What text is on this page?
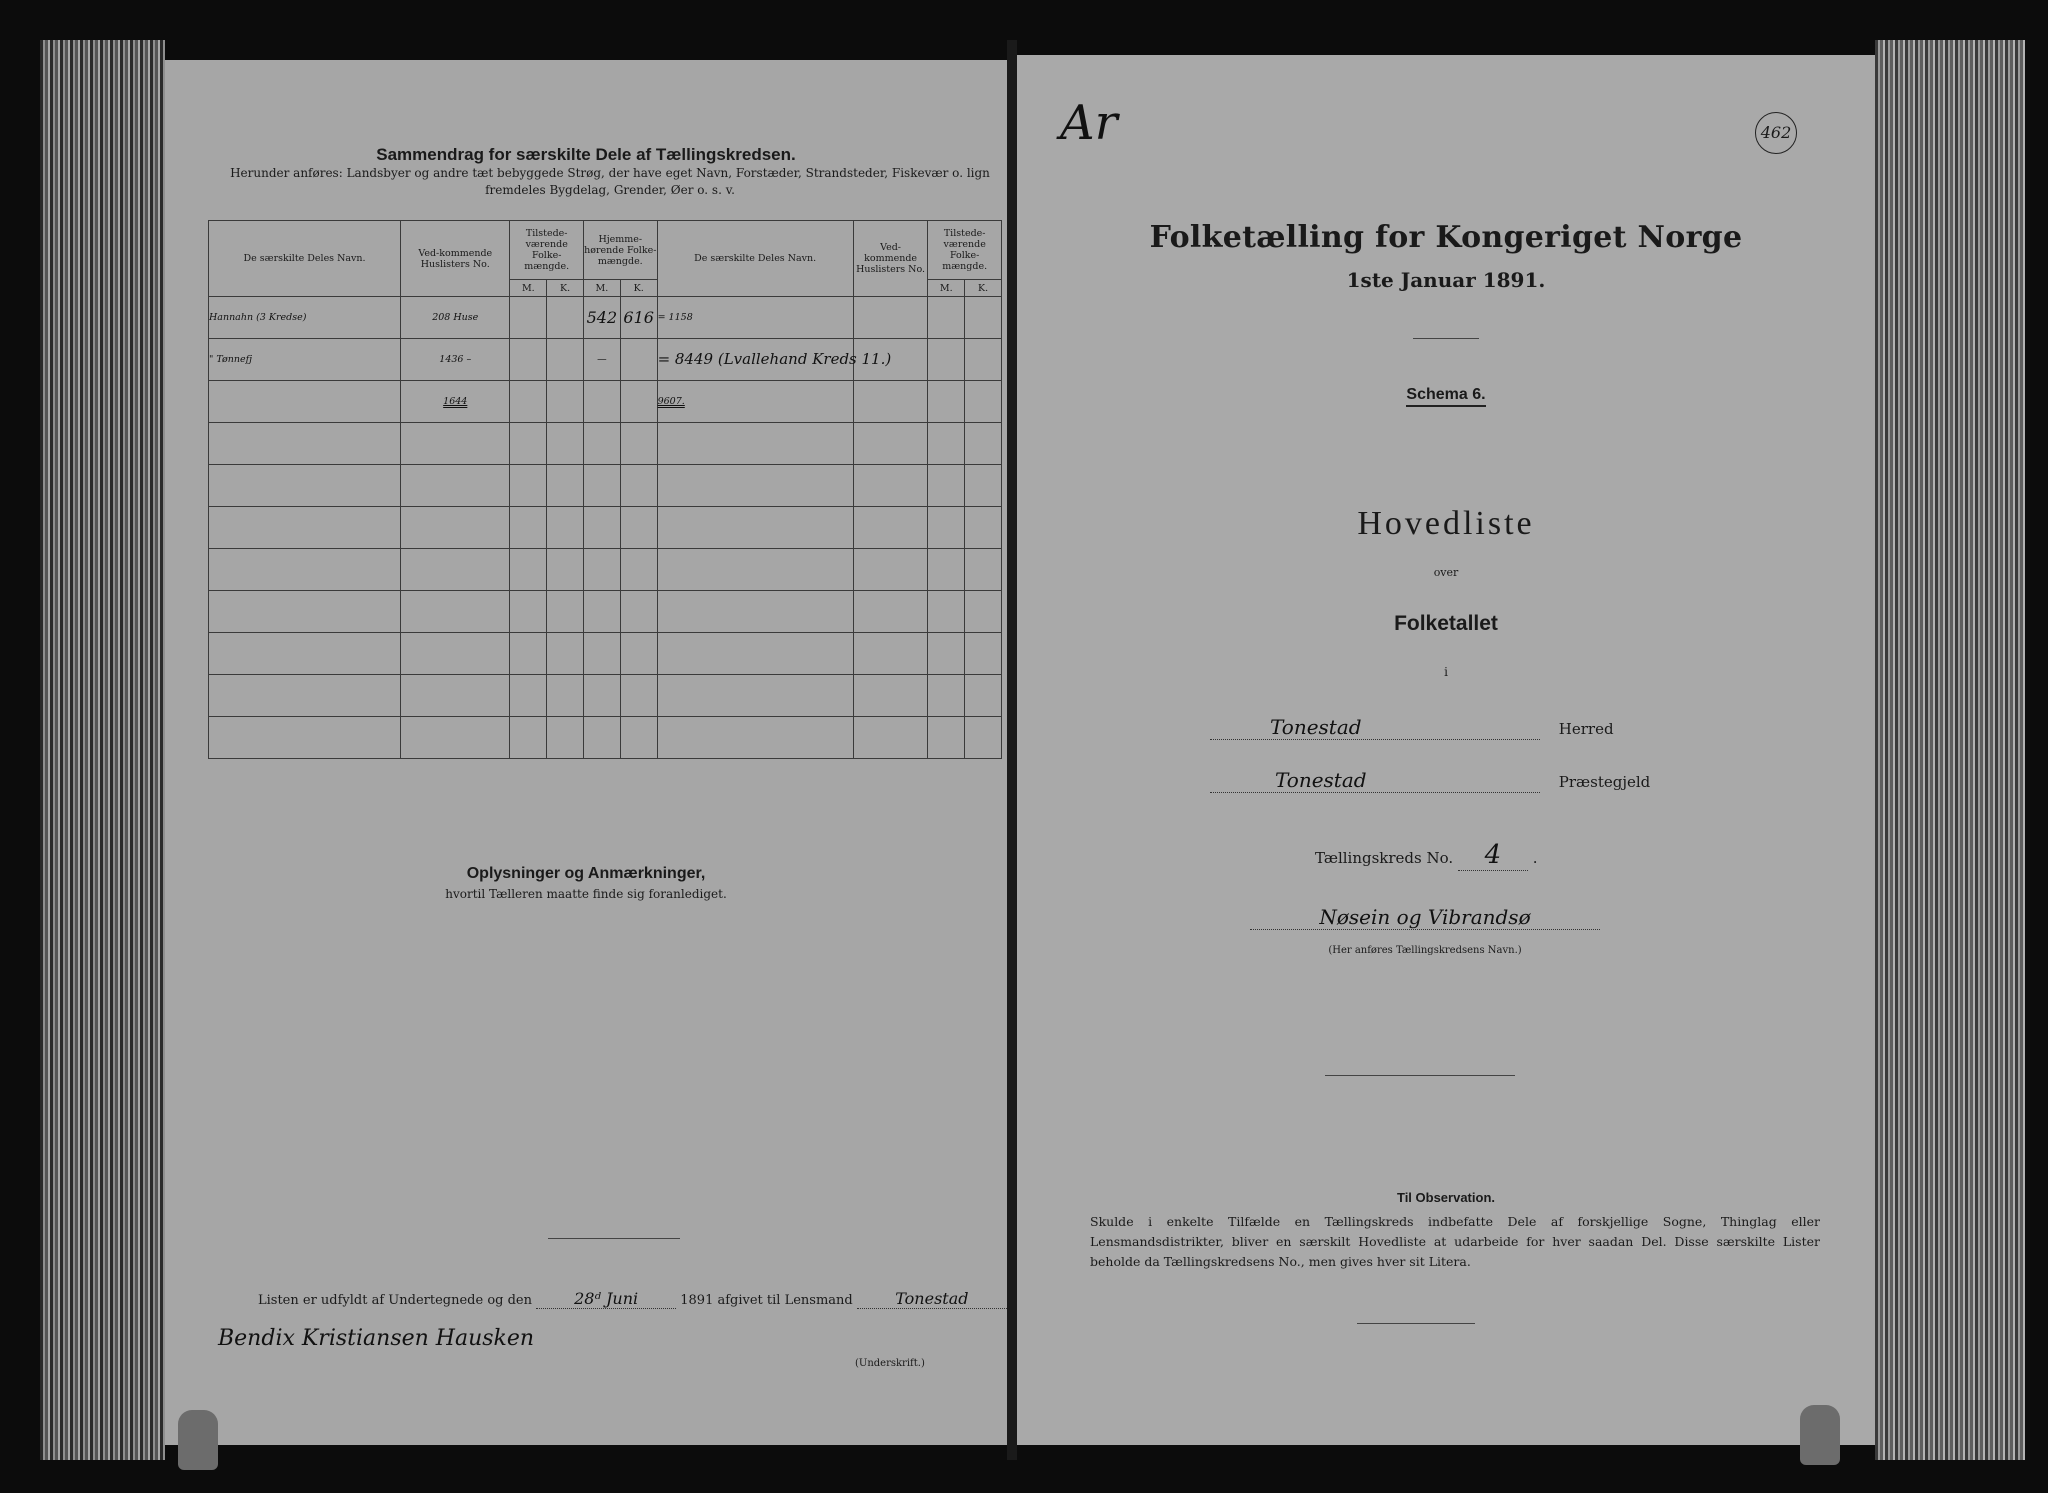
Sammendrag for særskilte Dele af Tællingskredsen.
Herunder anføres: Landsbyer og andre tæt bebyggede Strøg, der have eget Navn, Forstæder, Strandsteder, Fiskevær o. lign
fremdeles Bygdelag, Grender, Øer o. s. v.
De særskilte Deles Navn.	Ved-kommende Huslisters No.	Tilstede-værende Folke-mængde.		Hjemme-hørende Folke-mængde.		De særskilte Deles Navn.	Ved-kommende Huslisters No.	Tilstede-værende Folke-mængde.	
		M.	K.	M.	K.			M.	K.	
Hannahn (3 Kredse)	208 Huse			542	616	= 1158				
" Tønnefj	1436 –			—		= 8449 (Lvallehand Kreds 11.)				
	1644					9607.				

Oplysninger og Anmærkninger,
hvortil Tælleren maatte finde sig foranlediget.
Listen er udfyldt af Undertegnede og den	28ᵈ Juni	1891 afgivet til Lensmand	Tonestad
Bendix Kristiansen Hausken
(Underskrift.)
Ar	462
Folketælling for Kongeriget Norge
1ste Januar 1891.
Schema 6.
Hovedliste
over
Folketallet
i
Tonestad	Herred
Tonestad	Præstegjeld
Tællingskreds No. 4 .
Nøsein og Vibrandsø
(Her anføres Tællingskredsens Navn.)
Til Observation.
Skulde i enkelte Tilfælde en Tællingskreds indbefatte Dele af forskjellige Sogne, Thinglag eller Lensmandsdistrikter, bliver en særskilt Hovedliste at udarbeide for hver saadan Del. Disse særskilte Lister beholde da Tællingskredsens No., men gives hver sit Litera.
